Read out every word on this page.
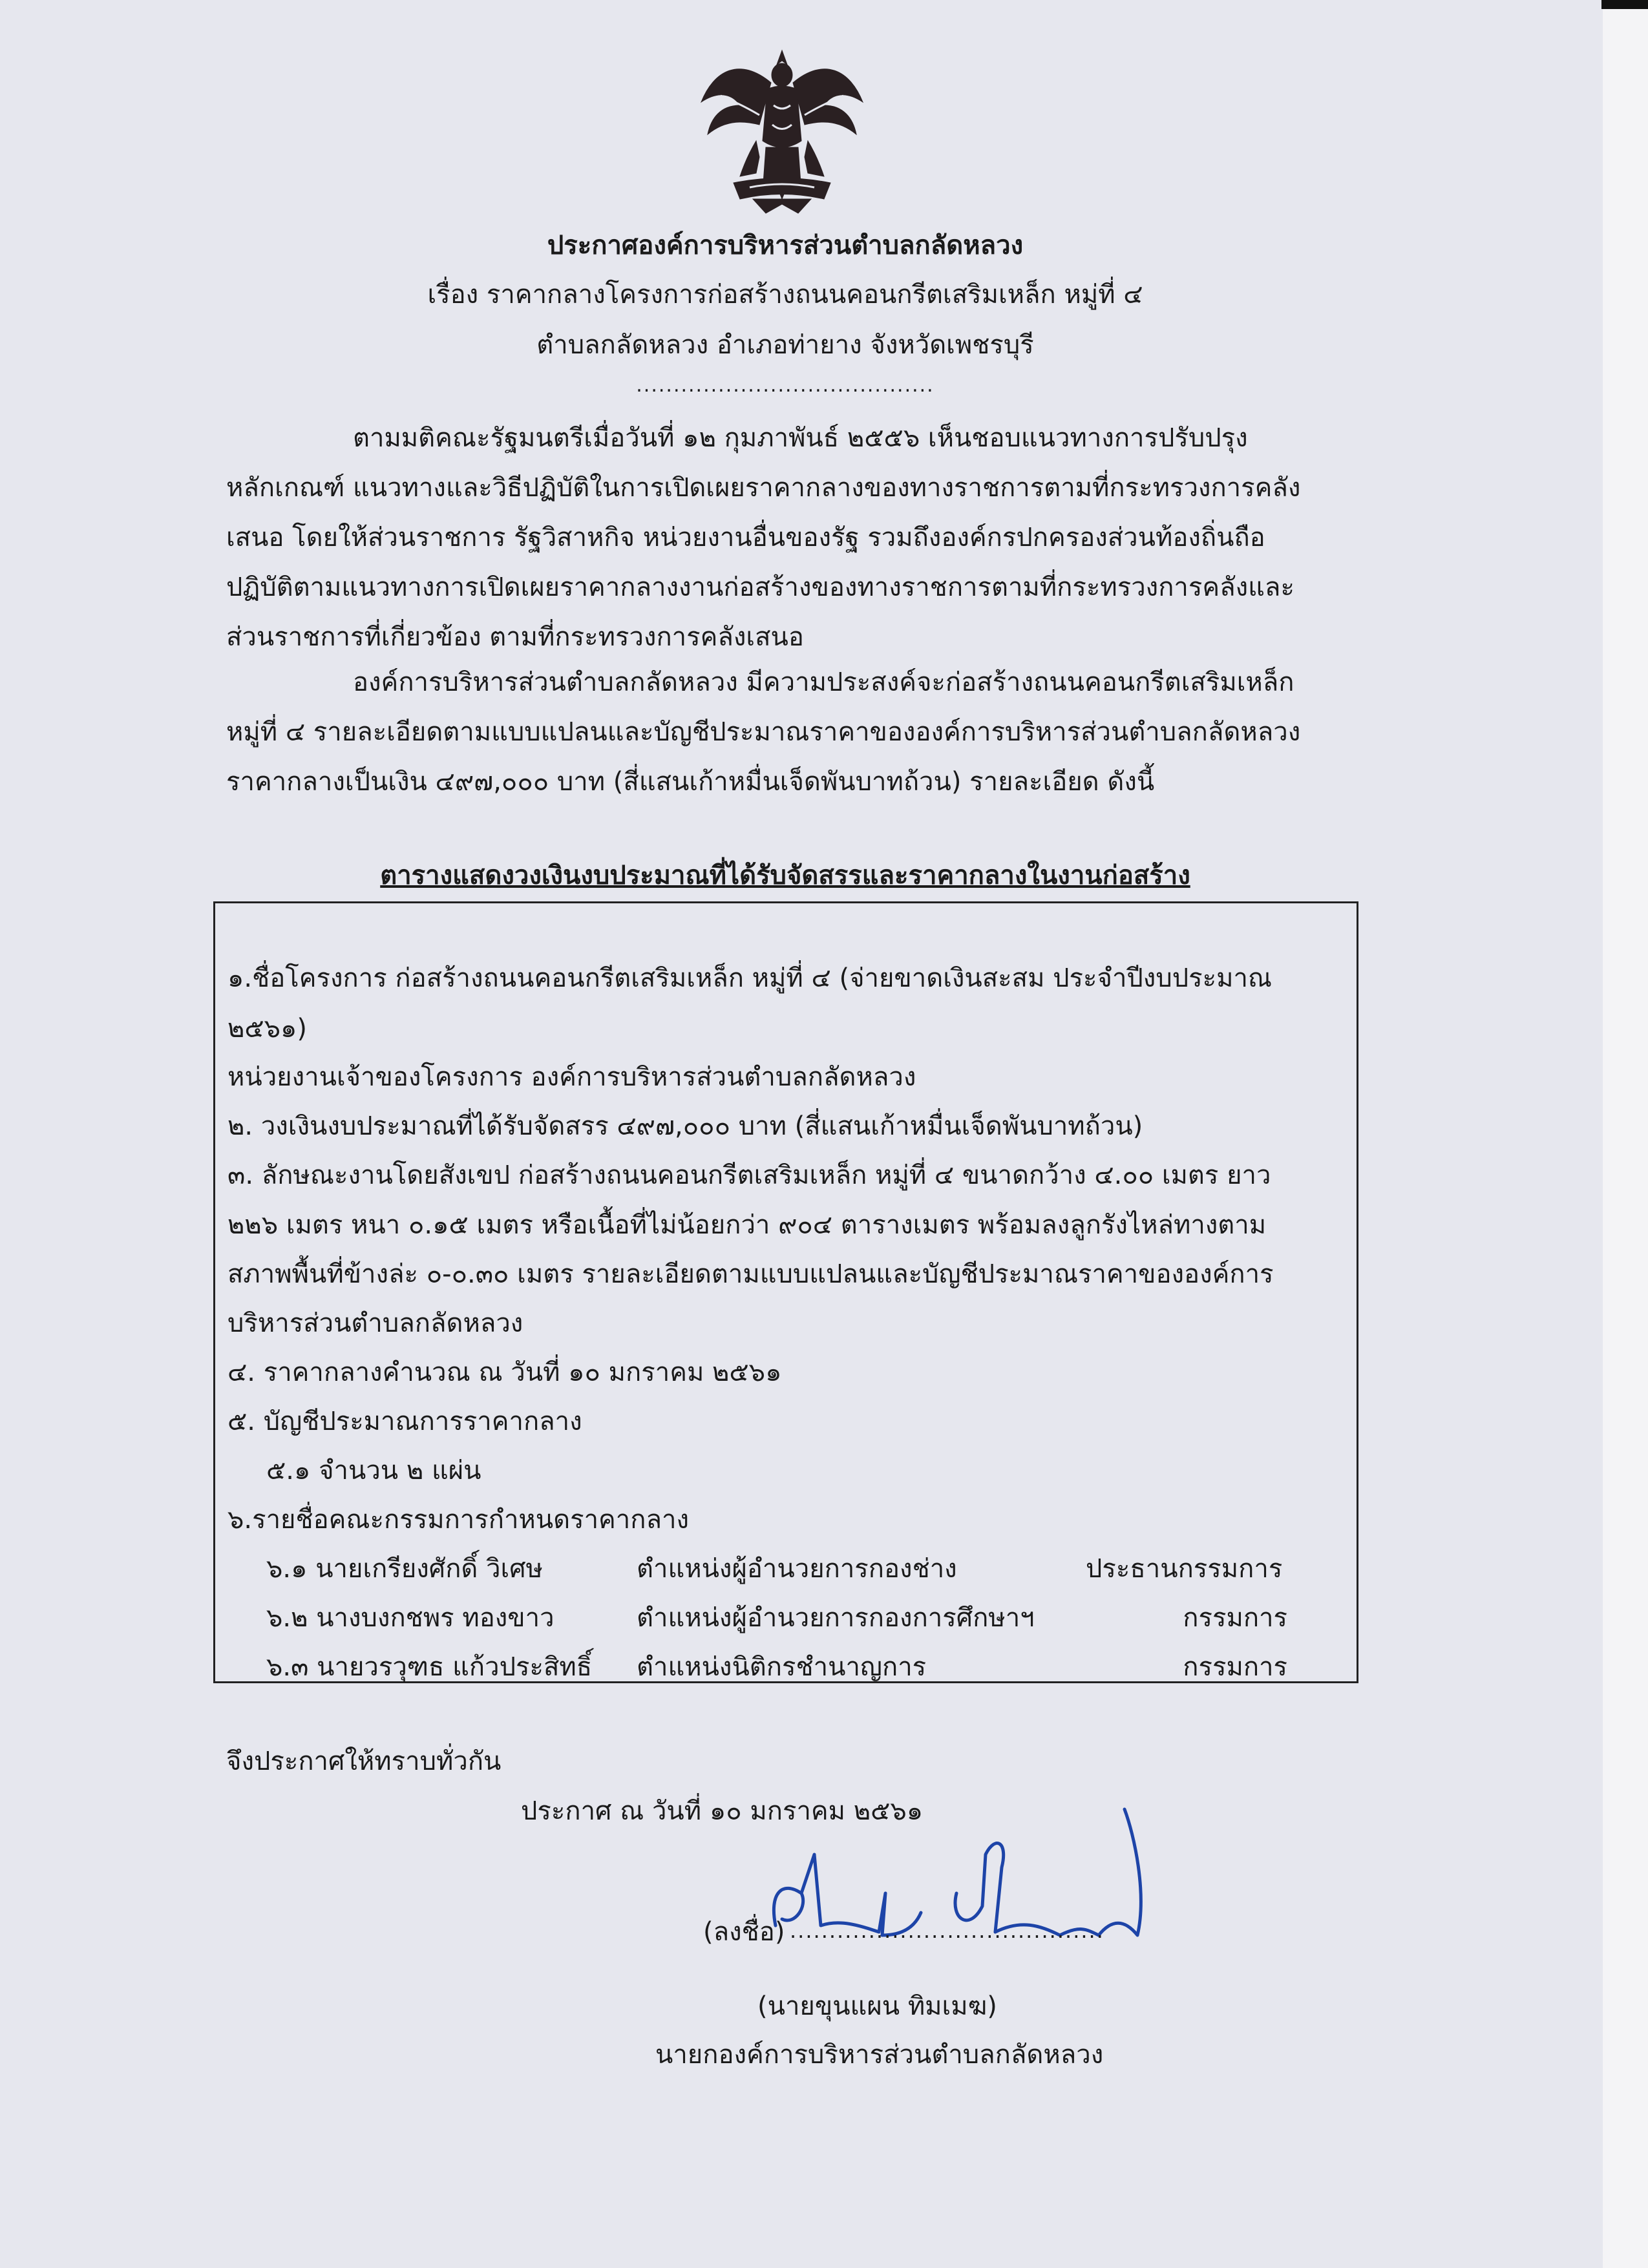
ประกาศองค์การบริหารส่วนตำบลกลัดหลวง
เรื่อง ราคากลางโครงการก่อสร้างถนนคอนกรีตเสริมเหล็ก หมู่ที่ ๔
ตำบลกลัดหลวง อำเภอท่ายาง จังหวัดเพชรบุรี
........................................
ตามมติคณะรัฐมนตรีเมื่อวันที่ ๑๒ กุมภาพันธ์ ๒๕๕๖ เห็นชอบแนวทางการปรับปรุง
หลักเกณฑ์ แนวทางและวิธีปฏิบัติในการเปิดเผยราคากลางของทางราชการตามที่กระทรวงการคลัง
เสนอ โดยให้ส่วนราชการ รัฐวิสาหกิจ หน่วยงานอื่นของรัฐ รวมถึงองค์กรปกครองส่วนท้องถิ่นถือ
ปฏิบัติตามแนวทางการเปิดเผยราคากลางงานก่อสร้างของทางราชการตามที่กระทรวงการคลังและ
ส่วนราชการที่เกี่ยวข้อง ตามที่กระทรวงการคลังเสนอ
องค์การบริหารส่วนตำบลกลัดหลวง มีความประสงค์จะก่อสร้างถนนคอนกรีตเสริมเหล็ก
หมู่ที่ ๔ รายละเอียดตามแบบแปลนและบัญชีประมาณราคาขององค์การบริหารส่วนตำบลกลัดหลวง
ราคากลางเป็นเงิน ๔๙๗,๐๐๐ บาท (สี่แสนเก้าหมื่นเจ็ดพันบาทถ้วน) รายละเอียด ดังนี้
ตารางแสดงวงเงินงบประมาณที่ได้รับจัดสรรและราคากลางในงานก่อสร้าง
๑.ชื่อโครงการ ก่อสร้างถนนคอนกรีตเสริมเหล็ก หมู่ที่ ๔ (จ่ายขาดเงินสะสม ประจำปีงบประมาณ
๒๕๖๑)
หน่วยงานเจ้าของโครงการ องค์การบริหารส่วนตำบลกลัดหลวง
๒. วงเงินงบประมาณที่ได้รับจัดสรร ๔๙๗,๐๐๐ บาท (สี่แสนเก้าหมื่นเจ็ดพันบาทถ้วน)
๓. ลักษณะงานโดยสังเขป ก่อสร้างถนนคอนกรีตเสริมเหล็ก หมู่ที่ ๔ ขนาดกว้าง ๔.๐๐ เมตร ยาว
๒๒๖ เมตร หนา ๐.๑๕ เมตร หรือเนื้อที่ไม่น้อยกว่า ๙๐๔ ตารางเมตร พร้อมลงลูกรังไหล่ทางตาม
สภาพพื้นที่ข้างล่ะ ๐-๐.๓๐ เมตร รายละเอียดตามแบบแปลนและบัญชีประมาณราคาขององค์การ
บริหารส่วนตำบลกลัดหลวง
๔. ราคากลางคำนวณ ณ วันที่ ๑๐ มกราคม ๒๕๖๑
๕. บัญชีประมาณการราคากลาง
๕.๑ จำนวน ๒ แผ่น
๖.รายชื่อคณะกรรมการกำหนดราคากลาง
๖.๑ นายเกรียงศักดิ์ วิเศษ	ตำแหน่งผู้อำนวยการกองช่าง	ประธานกรรมการ
๖.๒ นางบงกชพร ทองขาว	ตำแหน่งผู้อำนวยการกองการศึกษาฯ	กรรมการ
๖.๓ นายวรวุฑธ แก้วประสิทธิ์ ตำแหน่งนิติกรชำนาญการ	กรรมการ
จึงประกาศให้ทราบทั่วกัน
ประกาศ ณ วันที่ ๑๐ มกราคม ๒๕๖๑
(ลงชื่อ) ........................................
(นายขุนแผน ทิมเมฆ)
นายกองค์การบริหารส่วนตำบลกลัดหลวง
